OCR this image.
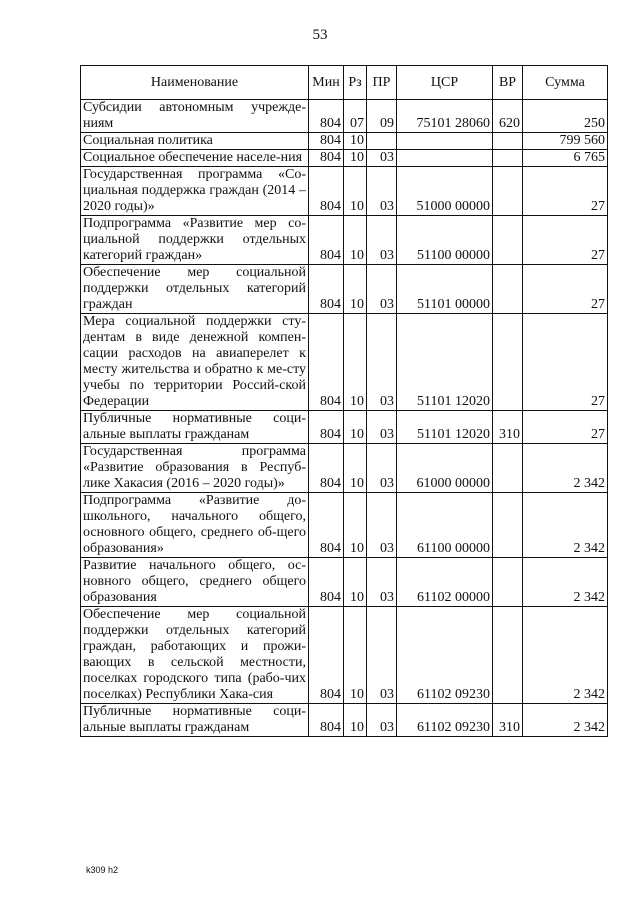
53
Наименование	Мин	Рз	ПР	ЦСР	ВР	Сумма
Субсидии автономным учрежде-ниям	804	07	09	75101 28060	620	250
Социальная политика	804	10				799 560
Социальное обеспечение населе-ния	804	10	03			6 765
Государственная программа «Со-циальная поддержка граждан (2014 – 2020 годы)»	804	10	03	51000 00000		27
Подпрограмма «Развитие мер со-циальной поддержки отдельных категорий граждан»	804	10	03	51100 00000		27
Обеспечение мер социальной поддержки отдельных категорий граждан	804	10	03	51101 00000		27
Мера социальной поддержки сту-дентам в виде денежной компен-сации расходов на авиаперелет к месту жительства и обратно к ме-сту учебы по территории Россий-ской Федерации	804	10	03	51101 12020		27
Публичные нормативные соци-альные выплаты гражданам	804	10	03	51101 12020	310	27
Государственная программа «Развитие образования в Респуб-лике Хакасия (2016 – 2020 годы)»	804	10	03	61000 00000		2 342
Подпрограмма «Развитие до-школьного, начального общего, основного общего, среднего об-щего образования»	804	10	03	61100 00000		2 342
Развитие начального общего, ос-новного общего, среднего общего образования	804	10	03	61102 00000		2 342
Обеспечение мер социальной поддержки отдельных категорий граждан, работающих и прожи-вающих в сельской местности, поселках городского типа (рабо-чих поселках) Республики Хака-сия	804	10	03	61102 09230		2 342
Публичные нормативные соци-альные выплаты гражданам	804	10	03	61102 09230	310	2 342
k309 h2
